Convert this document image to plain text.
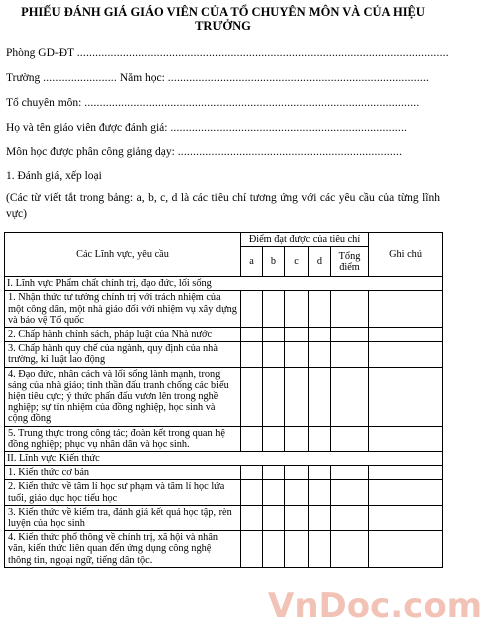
PHIẾU ĐÁNH GIÁ GIÁO VIÊN CỦA TỔ CHUYÊN MÔN VÀ CỦA HIỆU TRƯỞNG
Phòng GD-ĐT .........................................................................................................................
Trường ........................ Năm học: .....................................................................................
Tổ chuyên môn: .............................................................................................................
Họ và tên giáo viên được đánh giá: .............................................................................
Môn học được phân công giảng dạy: .........................................................................
1. Đánh giá, xếp loại
(Các từ viết tắt trong bảng: a, b, c, d là các tiêu chí tương ứng với các yêu cầu của từng lĩnh vực)
Các Lĩnh vực, yêu cầu	Điểm đạt được của tiêu chí					Ghi chú
	a	b	c	d	Tổng điểm	
I. Lĩnh vực Phẩm chất chính trị, đạo đức, lối sống						
1. Nhận thức tư tưởng chính trị với trách nhiệm của một công dân, một nhà giáo đối với nhiệm vụ xây dựng và bảo vệ Tổ quốc						
2. Chấp hành chính sách, pháp luật của Nhà nước						
3. Chấp hành quy chế của ngành, quy định của nhà trường, kỉ luật lao động						
4. Đạo đức, nhân cách và lối sống lành mạnh, trong sáng của nhà giáo; tinh thần đấu tranh chống các biểu hiện tiêu cực; ý thức phấn đấu vươn lên trong nghề nghiệp; sự tín nhiệm của đồng nghiệp, học sinh và cộng đồng						
5. Trung thực trong công tác; đoàn kết trong quan hệ đồng nghiệp; phục vụ nhân dân và học sinh.						
II. Lĩnh vực Kiến thức						
1. Kiến thức cơ bản						
2. Kiến thức về tâm lí học sư phạm và tâm lí học lứa tuổi, giáo dục học tiểu học						
3. Kiến thức về kiểm tra, đánh giá kết quả học tập, rèn luyện của học sinh						
4. Kiến thức phổ thông về chính trị, xã hội và nhân văn, kiến thức liên quan đến ứng dụng công nghệ thông tin, ngoại ngữ, tiếng dân tộc.						
VnDoc.com
